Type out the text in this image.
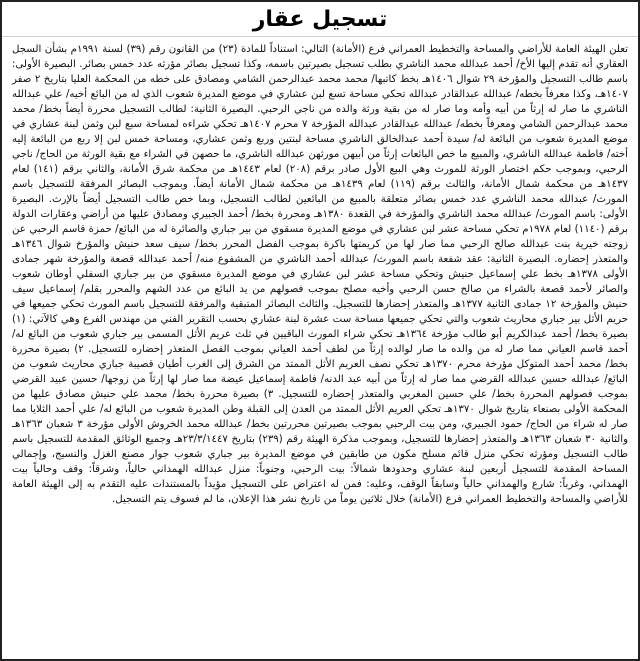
تسجيل عقار

تعلن الهيئة العامة للأراضي والمساحة والتخطيط العمراني فرع (الأمانة) التالي: استناداً للمادة (٢٣) من القانون رقم (٣٩) لسنة ١٩٩١م بشأن السجل العقاري أنه تقدم إليها الأخ/ أحمد عبدالله محمد الناشري بطلب تسجيل بصيرتين باسمه، وكذا تسجيل بصائر مؤرثه عدد خمس بصائر. البصيرة الأولى: باسم طالب التسجيل والمؤرخة ٢٩ شوال ١٤٠٦هـ بخط كاتبها/ محمد محمد عبدالرحمن الشامي ومصادق على خطه من المحكمة العليا بتاريخ ٢ صفر ١٤٠٧هـ، وكذا معرفاً بخطه/ عبدالله عبدالقادر عبدالله تحكي مساحة تسع لبن عشاري في موضع المديرة شعوب الذي له من البائع أخيه/ علي عبدالله الناشري ما صار له إرثاً من أبيه وأمه وما صار له من بقية ورثة والده من ناجي الرحبي. البصيرة الثانية: لطالب التسجيل محررة أيضاً بخط/ محمد محمد عبدالرحمن الشامي ومعرفاً بخطه/ عبدالله عبدالقادر عبدالله المؤرخة ٧ محرم ١٤٠٧هـ تحكي شراءه لمساحة سبع لبن وثمن لبنة عشاري في موضع المديرة شعوب من البائعة له/ سيدة أحمد عبدالخالق الناشري مساحة لبنتين وربع وثمن عشاري، ومساحة خمس لبن إلا ربع من البائعة إليه أخته/ فاطمة عبدالله الناشري، والمبيع ما خص البائعات إرثاً من أبيهن مورثهن عبدالله الناشري، ما حصهن في الشراء مع بقية الورثة من الحاج/ ناجي الرحبي، وبموجب حكم اختصار الورثة للمورث وهي البيع الأول صادر برقم (٢٠٨) لعام ١٤٤٣هـ من محكمة شرق الأمانة، والثاني برقم (١٤١) لعام ١٤٣٧هـ من محكمة شمال الأمانة، والثالث برقم (١١٩) لعام ١٤٣٩هـ من محكمة شمال الأمانة أيضاً. وبموجب البصائر المرفقة للتسجيل باسم المورث/ عبدالله محمد الناشري عدد خمس بصائر متعلقة بالمبيع من البائعين لطالب التسجيل، وبما خص طالب التسجيل أيضاً بالإرث.

البصيرة الأولى: باسم المورث/ عبدالله محمد الناشري والمؤرخة في القعدة ١٣٨٠هـ ومحررة بخط/ أحمد الجبيري ومصادق عليها من أراضي وعقارات الدولة برقم (١١٤٠) لعام ١٩٧٨م تحكي مساحة عشر لبن عشاري في موضع المديرة مسقوي من بير جباري والصائرة له من البائع/ حمزة قاسم الرحبي عن زوجته خيرية بنت عبدالله صالح الرحبي مما صار لها من كريمتها باكرة بموجب الفصل المحرر بخط/ سيف سعد حنيش والمؤرخ شوال ١٣٤٦هـ والمتعذر إحضاره. البصيرة الثانية: عقد شفعة باسم المورث/ عبدالله أحمد الناشري من المشفوع منه/ أحمد عبدالله قصعة والمؤرخة شهر جمادى الأولى ١٣٧٨هـ بخط علي إسماعيل حنيش وتحكي مساحة عشر لبن عشاري في موضع المديرة مسقوي من بير جباري السفلي أوطان شعوب والصائر لأحمد قصعة بالشراء من صالح حسن الرحبي وأخيه مصلح بموجب فصولهم من يد البائع من عدد الشهم والمحرر بقلم/ إسماعيل سيف حنيش والمؤرخة ١٢ جمادى الثانية ١٣٧٧هـ والمتعذر إحضارها للتسجيل. والثالث البصائر المتبقية والمرفقة للتسجيل باسم المورث تحكي جميعها في حريم الأثل بير جباري محاريث شعوب والتي تحكي جميعها مساحة ست عشرة لبنة عشاري بحسب التقرير الفني من مهندس الفرع وهي كالآتي: (١) بصيرة بخط/ أحمد عبدالكريم أبو طالب مؤرخة ١٣٦٤هـ تحكي شراء المورث الباقيين في ثلث عريم الأثل المسمى بير جباري شعوب من البائع له/ أحمد قاسم العياني مما صار له من والده ما صار لوالده إرثاً من لطف أحمد العياني بموجب الفصل المتعذر إحضاره للتسجيل. ٢) بصيرة محررة بخط/ محمد أحمد المتوكل مؤرخة محرم ١٣٧٠هـ تحكي نصف العريم الأثل الممتد من الشرق إلى الغرب أطيان قصيبة جباري محاريث شعوب من البائع/ عبدالله حسين عبدالله القرضي مما صار له إرثاً من أبيه عبد الدنه/ فاطمة إسماعيل عيضة مما صار لها إرثاً من زوجها/ حسين عبيد القرضي بموجب فصولهم المحررة بخط/ علي حسين المغربي والمتعذر إحضاره للتسجيل. ٣) بصيرة محررة بخط/ محمد علي حنيش مصادق عليها من المحكمة الأولى بصنعاء بتاريخ شوال ١٣٧٠هـ تحكي العريم الأثل الممتد من العدن إلى القبلة وطن المديرة شعوب من البائع له/ علي أحمد الثلايا مما صار له شراء من الحاج/ حمود الجبيري، ومن بيت الرحبي بموجب بصيرتين محررتين بخط/ عبدالله محمد الخروش الأولى مؤرخة ٣ شعبان ١٣٦٣هـ والثانية ٣٠ شعبان ١٣٦٣هـ والمتعذر إحضارها للتسجيل، وبموجب مذكرة الهيئة رقم (٢٣٩) بتاريخ ٢٣/٣/١٤٤٧هـ وجميع الوثائق المقدمة للتسجيل باسم طالب التسجيل ومؤرثه تحكي منزل قائم مسلح مكون من طابقين في موضع المديرة بير جباري شعوب جوار مصنع الغزل والنسيج، وإجمالي المساحة المقدمة للتسجيل أربعين لبنة عشاري وحدودها شمالاً: بيت الرحبي، وجنوباً: منزل عبدالله الهمداني حالياً، وشرقاً: وقف وحالياً بيت الهمداني، وغرباً: شارع والهمداني حالياً وسابقاً الوقف، وعليه: فمن له اعتراض على التسجيل مؤيداً بالمستندات عليه التقدم به إلى الهيئة العامة للأراضي والمساحة والتخطيط العمراني فرع (الأمانة) خلال ثلاثين يوماً من تاريخ نشر هذا الإعلان، ما لم فسوف يتم التسجيل.
